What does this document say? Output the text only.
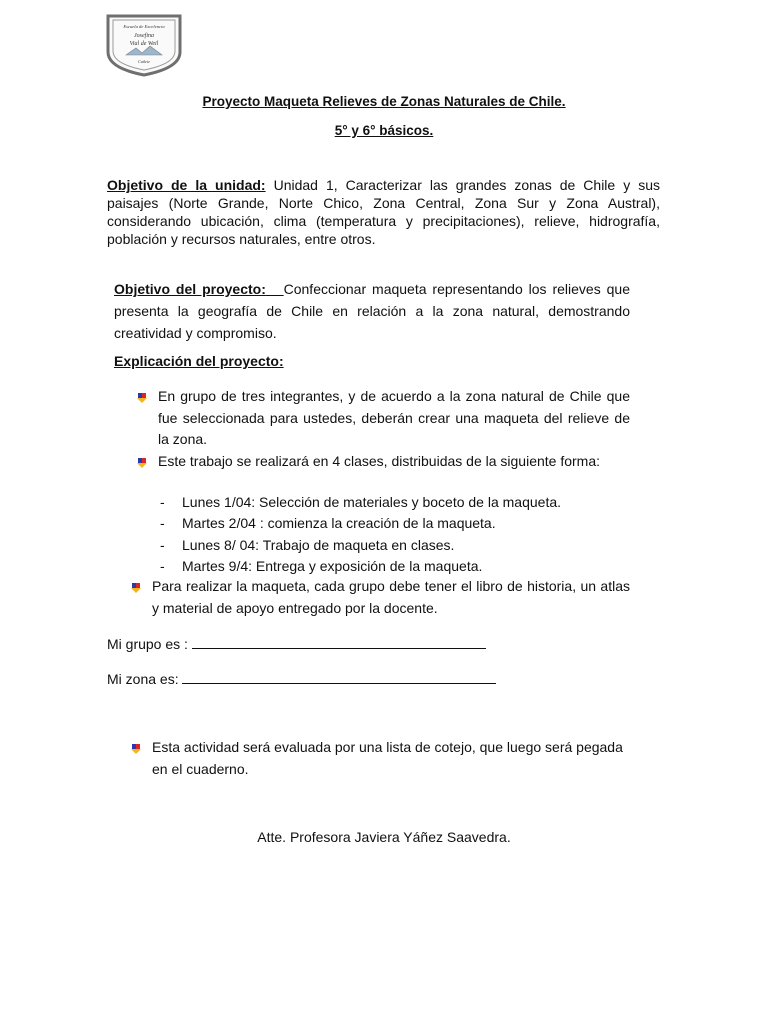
Escuela de Excelencia
Josefina
Vial de Weil
Cañete
Proyecto Maqueta Relieves de Zonas Naturales de Chile.
5° y 6° básicos.
Objetivo de la unidad: Unidad 1, Caracterizar las grandes zonas de Chile y sus paisajes (Norte Grande, Norte Chico, Zona Central, Zona Sur y Zona Austral), considerando ubicación, clima (temperatura y precipitaciones), relieve, hidrografía, población y recursos naturales, entre otros.
Objetivo del proyecto: Confeccionar maqueta representando los relieves que presenta la geografía de Chile en relación a la zona natural, demostrando creatividad y compromiso.
Explicación del proyecto:
En grupo de tres integrantes, y de acuerdo a la zona natural de Chile que fue seleccionada para ustedes, deberán crear una maqueta del relieve de la zona.
Este trabajo se realizará en 4 clases, distribuidas de la siguiente forma:
- Lunes 1/04: Selección de materiales y boceto de la maqueta.
- Martes 2/04 : comienza la creación de la maqueta.
- Lunes 8/ 04: Trabajo de maqueta en clases.
- Martes 9/4: Entrega y exposición de la maqueta.
Para realizar la maqueta, cada grupo debe tener el libro de historia, un atlas y material de apoyo entregado por la docente.
Mi grupo es :
Mi zona es:
Esta actividad será evaluada por una lista de cotejo, que luego será pegada en el cuaderno.
Atte. Profesora Javiera Yáñez Saavedra.
